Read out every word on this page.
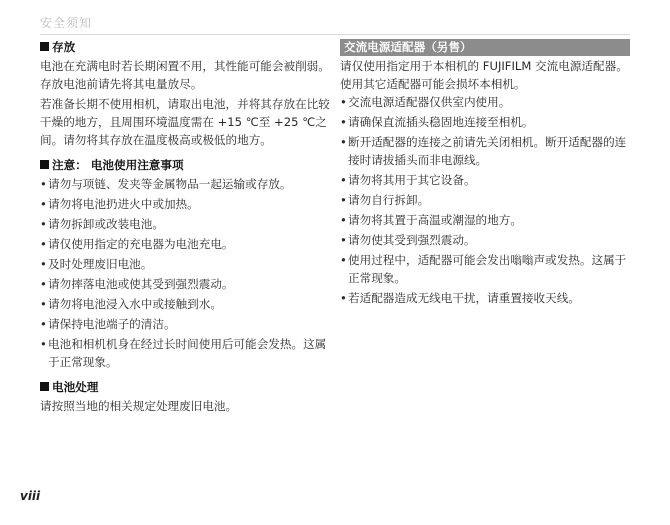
安全须知
存放

电池在充满电时若长期闲置不用，其性能可能会被削弱。存放电池前请先将其电量放尽。

若准备长期不使用相机，请取出电池，并将其存放在比较干燥的地方，且周围环境温度需在 +15 ℃至 +25 ℃之间。请勿将其存放在温度极高或极低的地方。

注意： 电池使用注意事项
• 请勿与项链、发夹等金属物品一起运输或存放。
• 请勿将电池扔进火中或加热。
• 请勿拆卸或改装电池。
• 请仅使用指定的充电器为电池充电。
• 及时处理废旧电池。
• 请勿摔落电池或使其受到强烈震动。
• 请勿将电池浸入水中或接触到水。
• 请保持电池端子的清洁。
• 电池和相机机身在经过长时间使用后可能会发热。这属于正常现象。
电池处理

请按照当地的相关规定处理废旧电池。

交流电源适配器（另售）

请仅使用指定用于本相机的 FUJIFILM 交流电源适配器。使用其它适配器可能会损坏本相机。

• 交流电源适配器仅供室内使用。
• 请确保直流插头稳固地连接至相机。
• 断开适配器的连接之前请先关闭相机。断开适配器的连接时请拔插头而非电源线。
• 请勿将其用于其它设备。
• 请勿自行拆卸。
• 请勿将其置于高温或潮湿的地方。
• 请勿使其受到强烈震动。
• 使用过程中，适配器可能会发出嗡嗡声或发热。这属于正常现象。
• 若适配器造成无线电干扰，请重置接收天线。
viii
